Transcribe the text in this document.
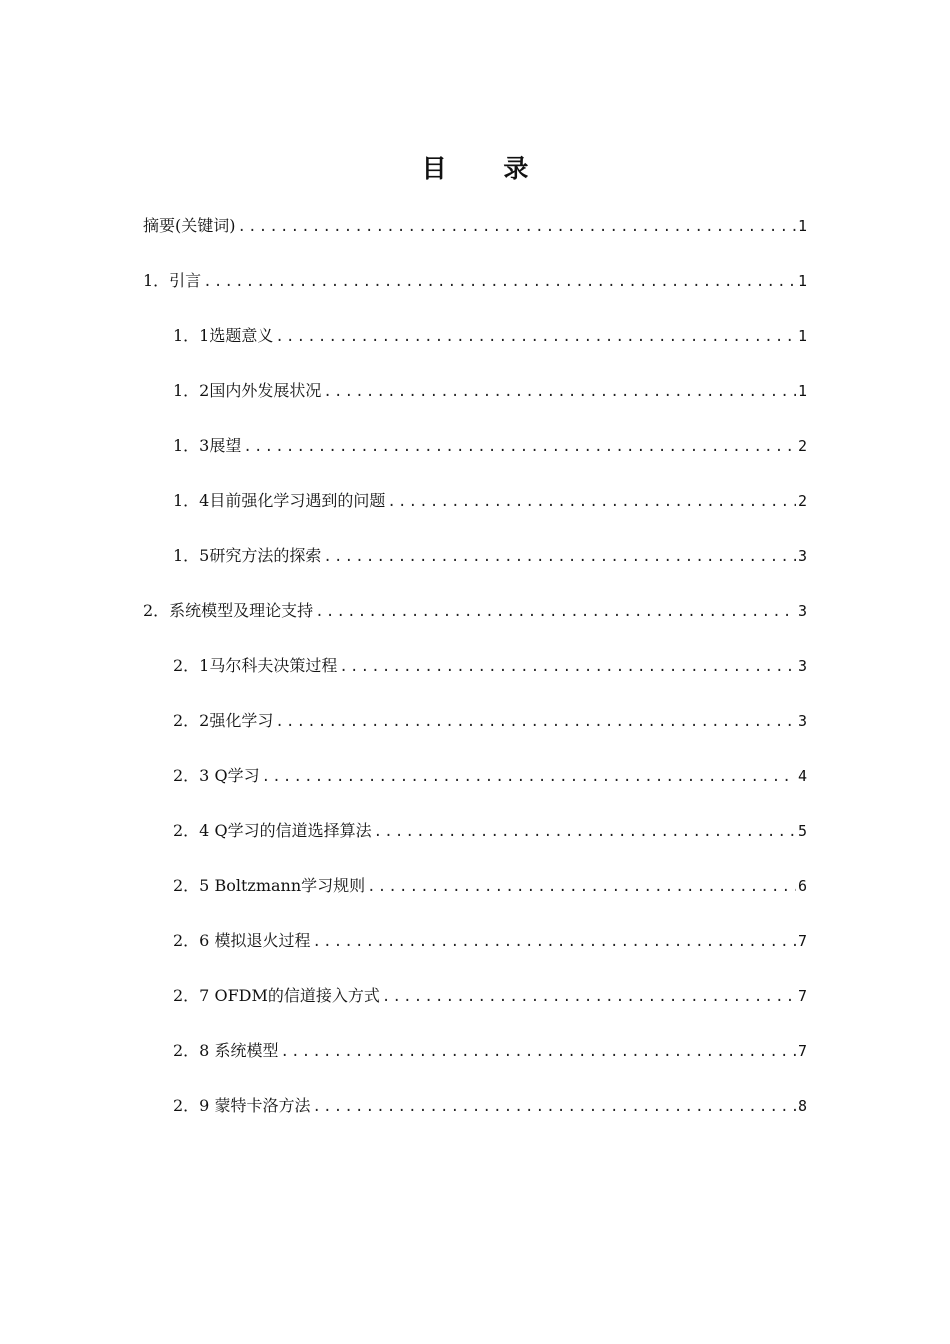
目 录
摘要(关键词) .....	1
1．引言 .....	1
1．1选题意义 .....	1
1．2国内外发展状况 .....	1
1．3展望 .....	2
1．4目前强化学习遇到的问题 .....	2
1．5研究方法的探索 .....	3
2．系统模型及理论支持 .....	3
2．1马尔科夫决策过程 .....	3
2．2强化学习 .....	3
2．3 Q学习 .....	4
2．4 Q学习的信道选择算法 .....	5
2．5 Boltzmann学习规则 .....	6
2．6 模拟退火过程 .....	7
2．7 OFDM的信道接入方式 .....	7
2．8 系统模型 .....	7
2．9 蒙特卡洛方法 .....	8
